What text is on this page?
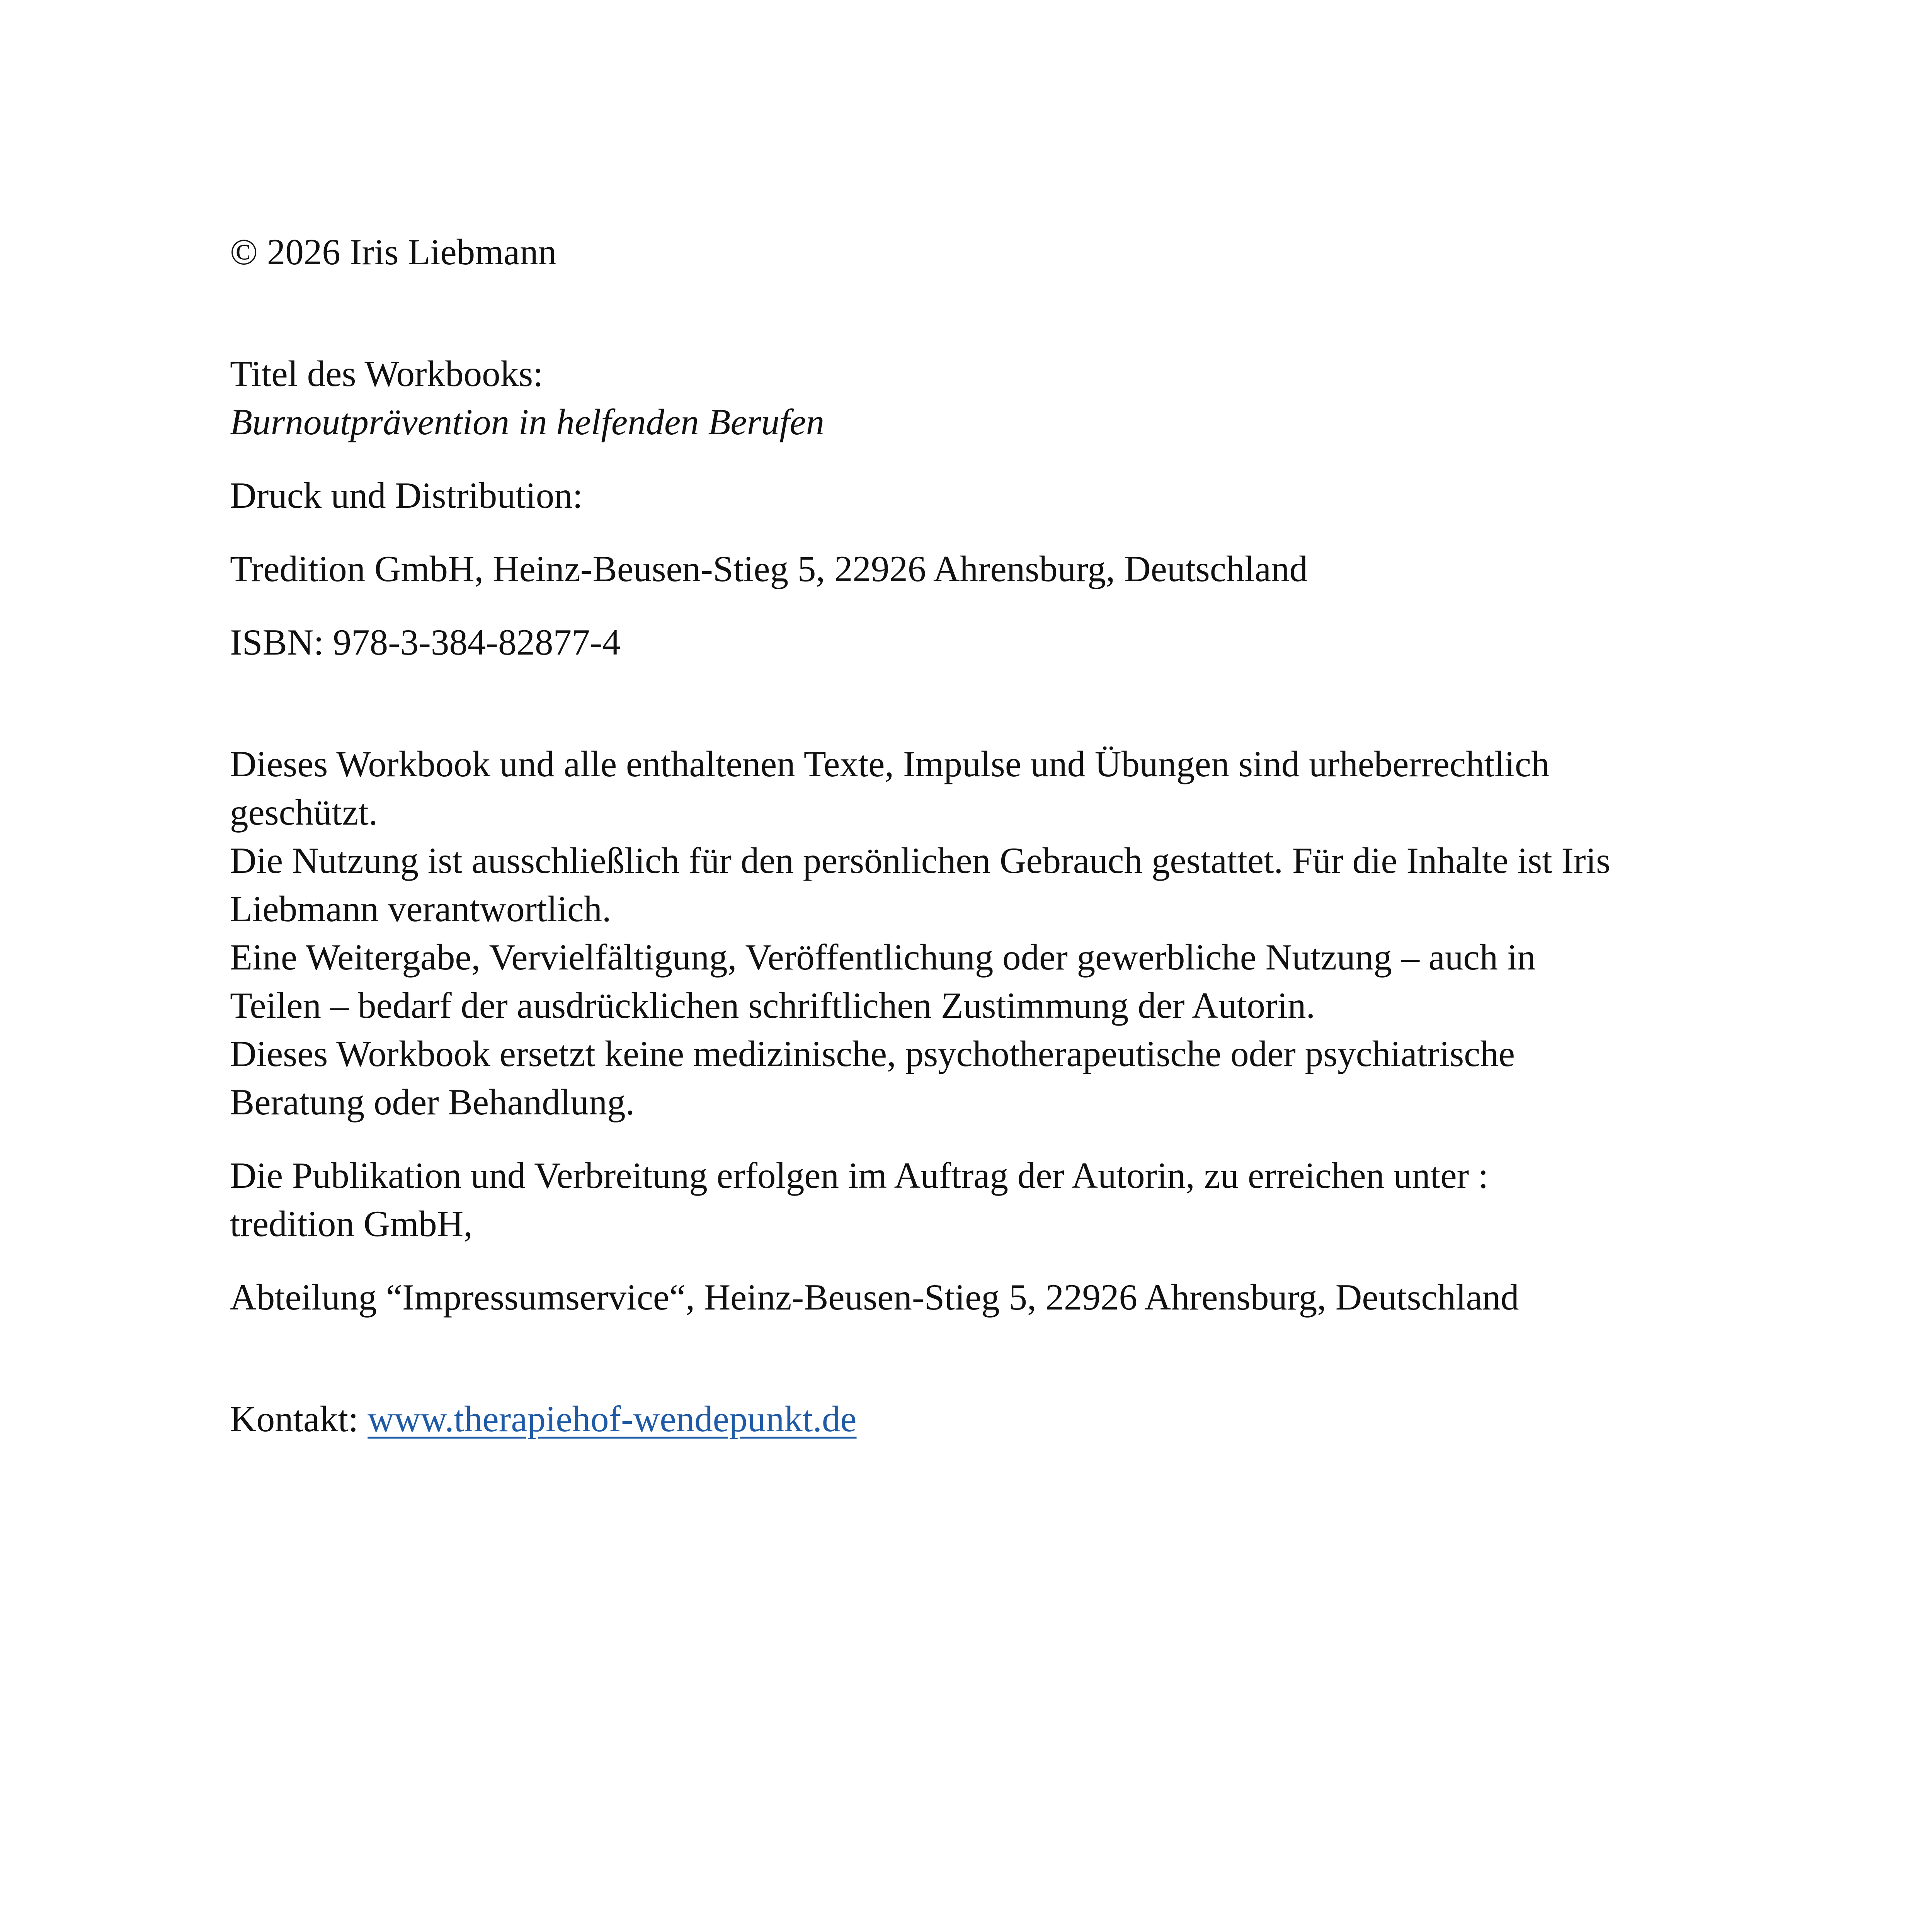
© 2026 Iris Liebmann

Titel des Workbooks:

Burnoutprävention in helfenden Berufen

Druck und Distribution:

Tredition GmbH, Heinz-Beusen-Stieg 5, 22926 Ahrensburg, Deutschland

ISBN: 978-3-384-82877-4

Dieses Workbook und alle enthaltenen Texte, Impulse und Übungen sind urheberrechtlich

geschützt.

Die Nutzung ist ausschließlich für den persönlichen Gebrauch gestattet. Für die Inhalte ist Iris

Liebmann verantwortlich.

Eine Weitergabe, Vervielfältigung, Veröffentlichung oder gewerbliche Nutzung – auch in

Teilen – bedarf der ausdrücklichen schriftlichen Zustimmung der Autorin.

Dieses Workbook ersetzt keine medizinische, psychotherapeutische oder psychiatrische

Beratung oder Behandlung.

Die Publikation und Verbreitung erfolgen im Auftrag der Autorin, zu erreichen unter :

tredition GmbH,

Abteilung “Impressumservice“, Heinz-Beusen-Stieg 5, 22926 Ahrensburg, Deutschland

Kontakt: www.therapiehof-wendepunkt.de
